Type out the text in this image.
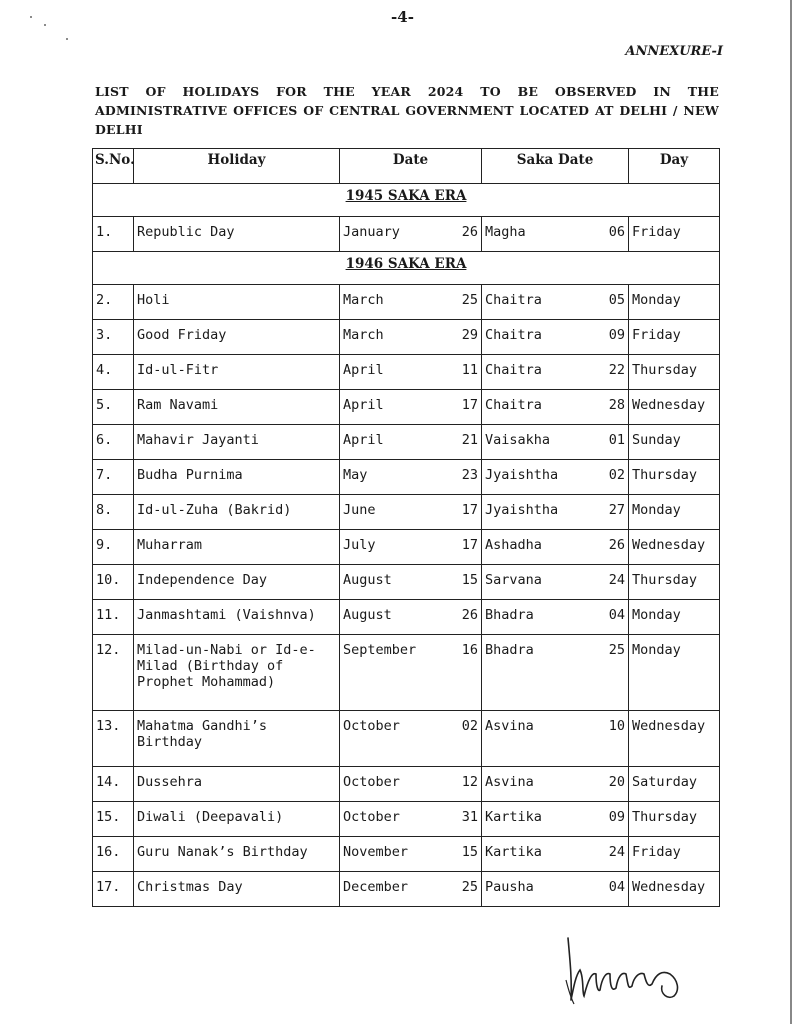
-4-
ANNEXURE-I
LIST OF HOLIDAYS FOR THE YEAR 2024 TO BE OBSERVED IN THE ADMINISTRATIVE OFFICES OF CENTRAL GOVERNMENT LOCATED AT DELHI / NEW DELHI
S.No.	Holiday	Date	Saka Date	Day
1945 SAKA ERA				
1.	Republic Day	January 26	Magha 06	Friday
1946 SAKA ERA				
2.	Holi	March 25	Chaitra 05	Monday
3.	Good Friday	March 29	Chaitra 09	Friday
4.	Id-ul-Fitr	April 11	Chaitra 22	Thursday
5.	Ram Navami	April 17	Chaitra 28	Wednesday
6.	Mahavir Jayanti	April 21	Vaisakha 01	Sunday
7.	Budha Purnima	May 23	Jyaishtha 02	Thursday
8.	Id-ul-Zuha (Bakrid)	June 17	Jyaishtha 27	Monday
9.	Muharram	July 17	Ashadha 26	Wednesday
10.	Independence Day	August 15	Sarvana 24	Thursday
11.	Janmashtami (Vaishnva)	August 26	Bhadra 04	Monday
12.	Milad-un-Nabi or Id-e-Milad (Birthday of Prophet Mohammad)	September 16	Bhadra 25	Monday
13.	Mahatma Gandhi’s Birthday	October 02	Asvina 10	Wednesday
14.	Dussehra	October 12	Asvina 20	Saturday
15.	Diwali (Deepavali)	October 31	Kartika 09	Thursday
16.	Guru Nanak’s Birthday	November 15	Kartika 24	Friday
17.	Christmas Day	December 25	Pausha 04	Wednesday
